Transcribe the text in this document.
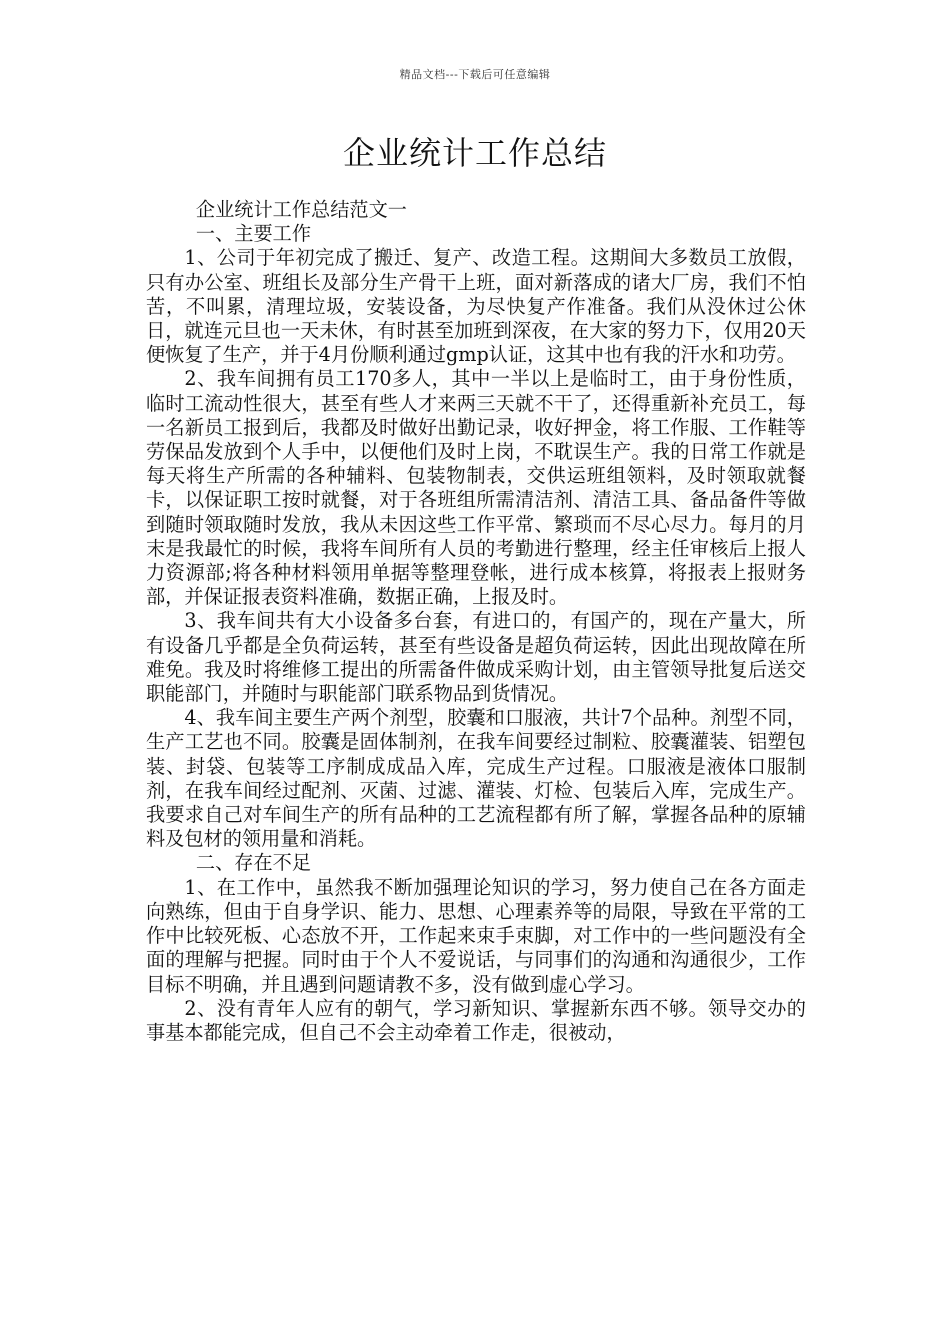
精品文档---下载后可任意编辑
企业统计工作总结

企业统计工作总结范文一

一、主要工作

1、公司于年初完成了搬迁、复产、改造工程。这期间大多数员工放假，只有办公室、班组长及部分生产骨干上班，面对新落成的诸大厂房，我们不怕苦，不叫累，清理垃圾，安装设备，为尽快复产作准备。我们从没休过公休日，就连元旦也一天未休，有时甚至加班到深夜，在大家的努力下，仅用20天便恢复了生产，并于4月份顺利通过gmp认证，这其中也有我的汗水和功劳。

2、我车间拥有员工170多人，其中一半以上是临时工，由于身份性质，临时工流动性很大，甚至有些人才来两三天就不干了，还得重新补充员工，每一名新员工报到后，我都及时做好出勤记录，收好押金，将工作服、工作鞋等劳保品发放到个人手中，以便他们及时上岗，不耽误生产。我的日常工作就是每天将生产所需的各种辅料、包装物制表，交供运班组领料，及时领取就餐卡，以保证职工按时就餐，对于各班组所需清洁剂、清洁工具、备品备件等做到随时领取随时发放，我从未因这些工作平常、繁琐而不尽心尽力。每月的月末是我最忙的时候，我将车间所有人员的考勤进行整理，经主任审核后上报人力资源部;将各种材料领用单据等整理登帐，进行成本核算，将报表上报财务部，并保证报表资料准确，数据正确，上报及时。

3、我车间共有大小设备多台套，有进口的，有国产的，现在产量大，所有设备几乎都是全负荷运转，甚至有些设备是超负荷运转，因此出现故障在所难免。我及时将维修工提出的所需备件做成采购计划，由主管领导批复后送交职能部门，并随时与职能部门联系物品到货情况。

4、我车间主要生产两个剂型，胶囊和口服液，共计7个品种。剂型不同，生产工艺也不同。胶囊是固体制剂，在我车间要经过制粒、胶囊灌装、铝塑包装、封袋、包装等工序制成成品入库，完成生产过程。口服液是液体口服制剂，在我车间经过配剂、灭菌、过滤、灌装、灯检、包装后入库，完成生产。我要求自己对车间生产的所有品种的工艺流程都有所了解，掌握各品种的原辅料及包材的领用量和消耗。

二、存在不足

1、在工作中，虽然我不断加强理论知识的学习，努力使自己在各方面走向熟练，但由于自身学识、能力、思想、心理素养等的局限，导致在平常的工作中比较死板、心态放不开，工作起来束手束脚，对工作中的一些问题没有全面的理解与把握。同时由于个人不爱说话，与同事们的沟通和沟通很少，工作目标不明确，并且遇到问题请教不多，没有做到虚心学习。

2、没有青年人应有的朝气，学习新知识、掌握新东西不够。领导交办的事基本都能完成，但自己不会主动牵着工作走，很被动，
